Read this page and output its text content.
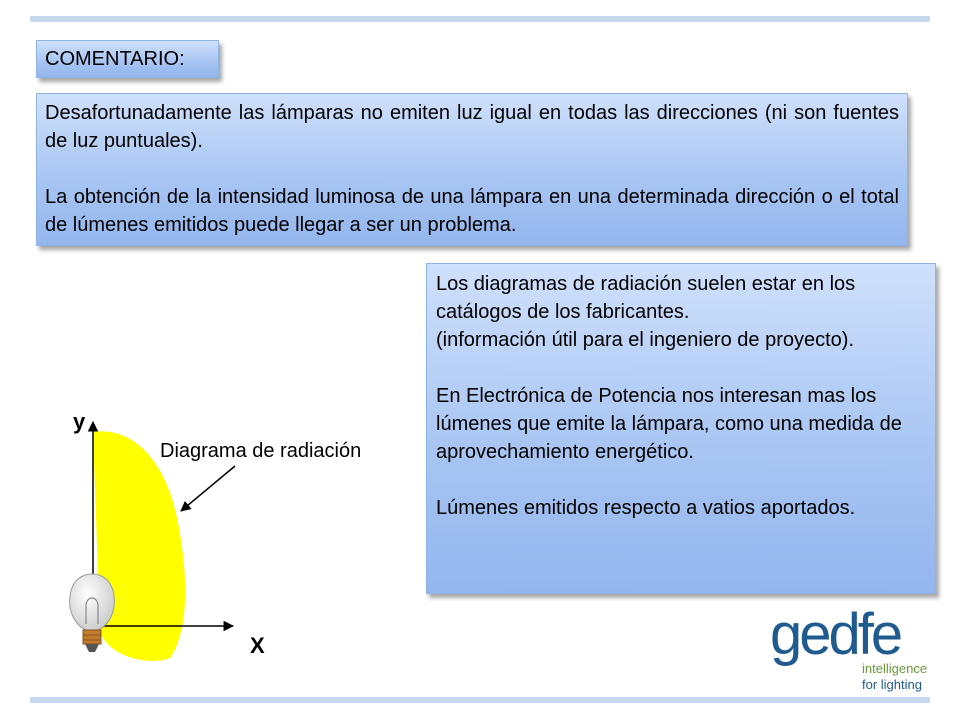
COMENTARIO:

Desafortunadamente las lámparas no emiten luz igual en todas las direcciones (ni son fuentes de luz puntuales).

La obtención de la intensidad luminosa de una lámpara en una determinada dirección o el total de lúmenes emitidos puede llegar a ser un problema.

Los diagramas de radiación suelen estar en los catálogos de los fabricantes.

(información útil para el ingeniero de proyecto).

En Electrónica de Potencia nos interesan mas los lúmenes que emite la lámpara, como una medida de aprovechamiento energético.

Lúmenes emitidos respecto a vatios aportados.

y
X
Diagrama de radiación
gedfe
intelligence
for lighting
